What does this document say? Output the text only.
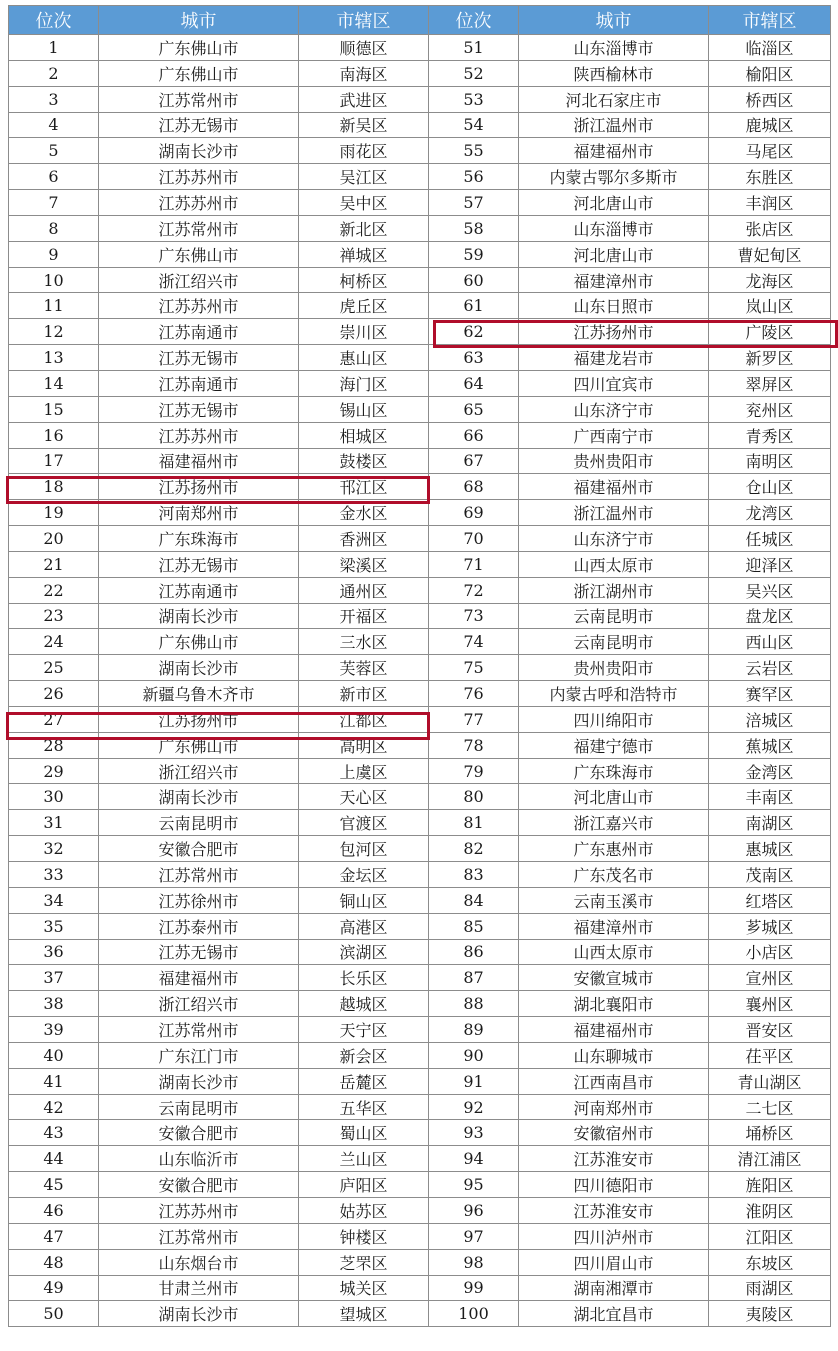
位次	城市	市辖区	位次	城市	市辖区
1	广东佛山市	顺德区	51	山东淄博市	临淄区
2	广东佛山市	南海区	52	陕西榆林市	榆阳区
3	江苏常州市	武进区	53	河北石家庄市	桥西区
4	江苏无锡市	新吴区	54	浙江温州市	鹿城区
5	湖南长沙市	雨花区	55	福建福州市	马尾区
6	江苏苏州市	吴江区	56	内蒙古鄂尔多斯市	东胜区
7	江苏苏州市	吴中区	57	河北唐山市	丰润区
8	江苏常州市	新北区	58	山东淄博市	张店区
9	广东佛山市	禅城区	59	河北唐山市	曹妃甸区
10	浙江绍兴市	柯桥区	60	福建漳州市	龙海区
11	江苏苏州市	虎丘区	61	山东日照市	岚山区
12	江苏南通市	崇川区	62	江苏扬州市	广陵区
13	江苏无锡市	惠山区	63	福建龙岩市	新罗区
14	江苏南通市	海门区	64	四川宜宾市	翠屏区
15	江苏无锡市	锡山区	65	山东济宁市	兖州区
16	江苏苏州市	相城区	66	广西南宁市	青秀区
17	福建福州市	鼓楼区	67	贵州贵阳市	南明区
18	江苏扬州市	邗江区	68	福建福州市	仓山区
19	河南郑州市	金水区	69	浙江温州市	龙湾区
20	广东珠海市	香洲区	70	山东济宁市	任城区
21	江苏无锡市	梁溪区	71	山西太原市	迎泽区
22	江苏南通市	通州区	72	浙江湖州市	吴兴区
23	湖南长沙市	开福区	73	云南昆明市	盘龙区
24	广东佛山市	三水区	74	云南昆明市	西山区
25	湖南长沙市	芙蓉区	75	贵州贵阳市	云岩区
26	新疆乌鲁木齐市	新市区	76	内蒙古呼和浩特市	赛罕区
27	江苏扬州市	江都区	77	四川绵阳市	涪城区
28	广东佛山市	高明区	78	福建宁德市	蕉城区
29	浙江绍兴市	上虞区	79	广东珠海市	金湾区
30	湖南长沙市	天心区	80	河北唐山市	丰南区
31	云南昆明市	官渡区	81	浙江嘉兴市	南湖区
32	安徽合肥市	包河区	82	广东惠州市	惠城区
33	江苏常州市	金坛区	83	广东茂名市	茂南区
34	江苏徐州市	铜山区	84	云南玉溪市	红塔区
35	江苏泰州市	高港区	85	福建漳州市	芗城区
36	江苏无锡市	滨湖区	86	山西太原市	小店区
37	福建福州市	长乐区	87	安徽宣城市	宣州区
38	浙江绍兴市	越城区	88	湖北襄阳市	襄州区
39	江苏常州市	天宁区	89	福建福州市	晋安区
40	广东江门市	新会区	90	山东聊城市	茌平区
41	湖南长沙市	岳麓区	91	江西南昌市	青山湖区
42	云南昆明市	五华区	92	河南郑州市	二七区
43	安徽合肥市	蜀山区	93	安徽宿州市	埇桥区
44	山东临沂市	兰山区	94	江苏淮安市	清江浦区
45	安徽合肥市	庐阳区	95	四川德阳市	旌阳区
46	江苏苏州市	姑苏区	96	江苏淮安市	淮阴区
47	江苏常州市	钟楼区	97	四川泸州市	江阳区
48	山东烟台市	芝罘区	98	四川眉山市	东坡区
49	甘肃兰州市	城关区	99	湖南湘潭市	雨湖区
50	湖南长沙市	望城区	100	湖北宜昌市	夷陵区
